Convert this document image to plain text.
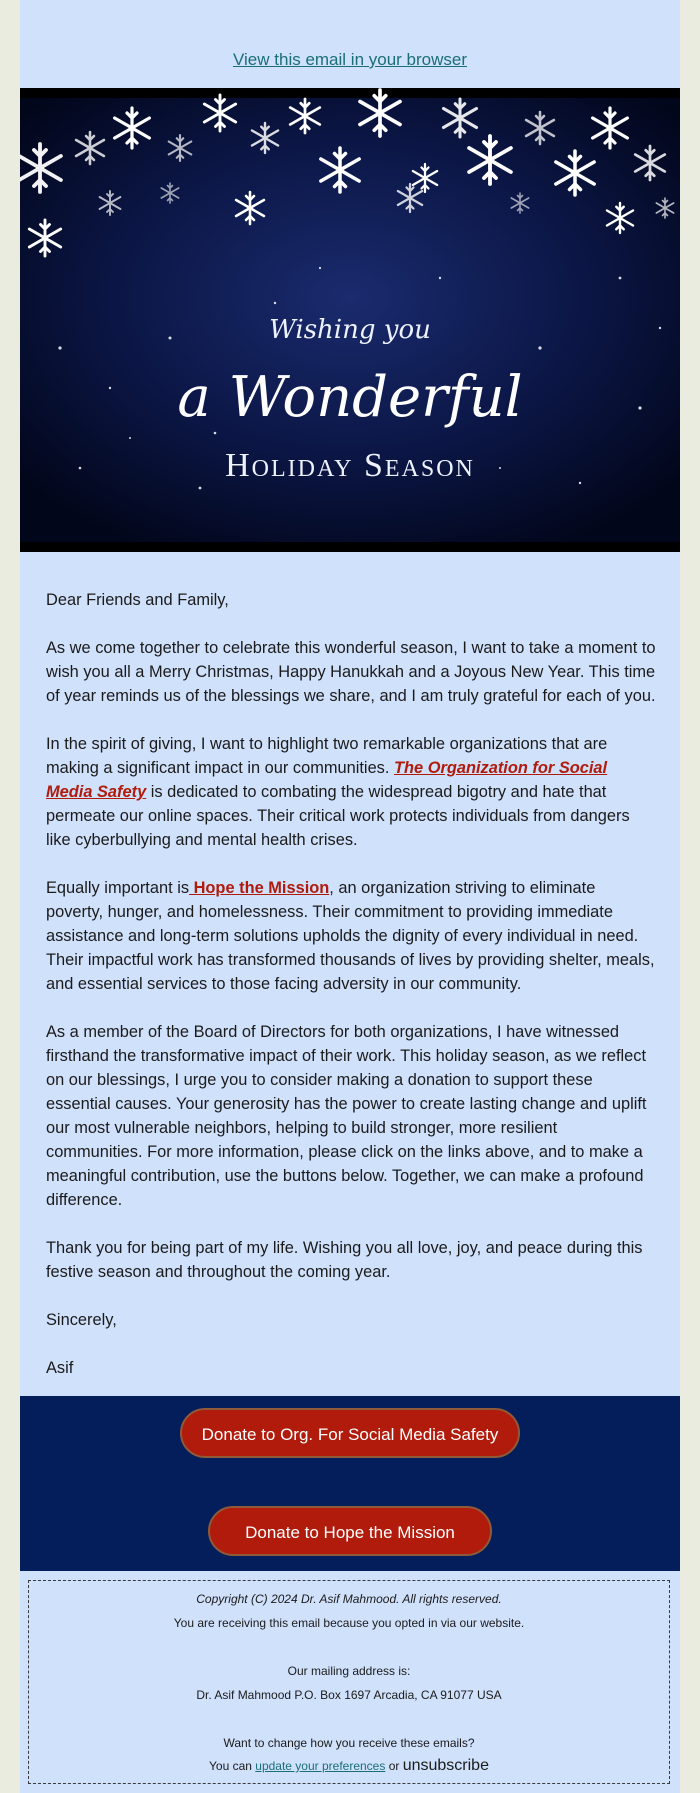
View this email in your browser
Wishing you
a Wonderful
Holiday Season

Dear Friends and Family,

As we come together to celebrate this wonderful season, I want to take a moment to wish you all a Merry Christmas, Happy Hanukkah and a Joyous New Year. This time of year reminds us of the blessings we share, and I am truly grateful for each of you.

In the spirit of giving, I want to highlight two remarkable organizations that are making a significant impact in our communities. The Organization for Social Media Safety is dedicated to combating the widespread bigotry and hate that permeate our online spaces. Their critical work protects individuals from dangers like cyberbullying and mental health crises.

Equally important is Hope the Mission, an organization striving to eliminate poverty, hunger, and homelessness. Their commitment to providing immediate assistance and long-term solutions upholds the dignity of every individual in need. Their impactful work has transformed thousands of lives by providing shelter, meals, and essential services to those facing adversity in our community.

As a member of the Board of Directors for both organizations, I have witnessed firsthand the transformative impact of their work. This holiday season, as we reflect on our blessings, I urge you to consider making a donation to support these essential causes. Your generosity has the power to create lasting change and uplift our most vulnerable neighbors, helping to build stronger, more resilient communities. For more information, please click on the links above, and to make a meaningful contribution, use the buttons below. Together, we can make a profound difference.

Thank you for being part of my life. Wishing you all love, joy, and peace during this festive season and throughout the coming year.

Sincerely,

Asif

Donate to Org. For Social Media Safety
Donate to Hope the Mission
Copyright (C) 2024 Dr. Asif Mahmood. All rights reserved.
You are receiving this email because you opted in via our website.
Our mailing address is:
Dr. Asif Mahmood P.O. Box 1697 Arcadia, CA 91077 USA
Want to change how you receive these emails?
You can update your preferences or unsubscribe
